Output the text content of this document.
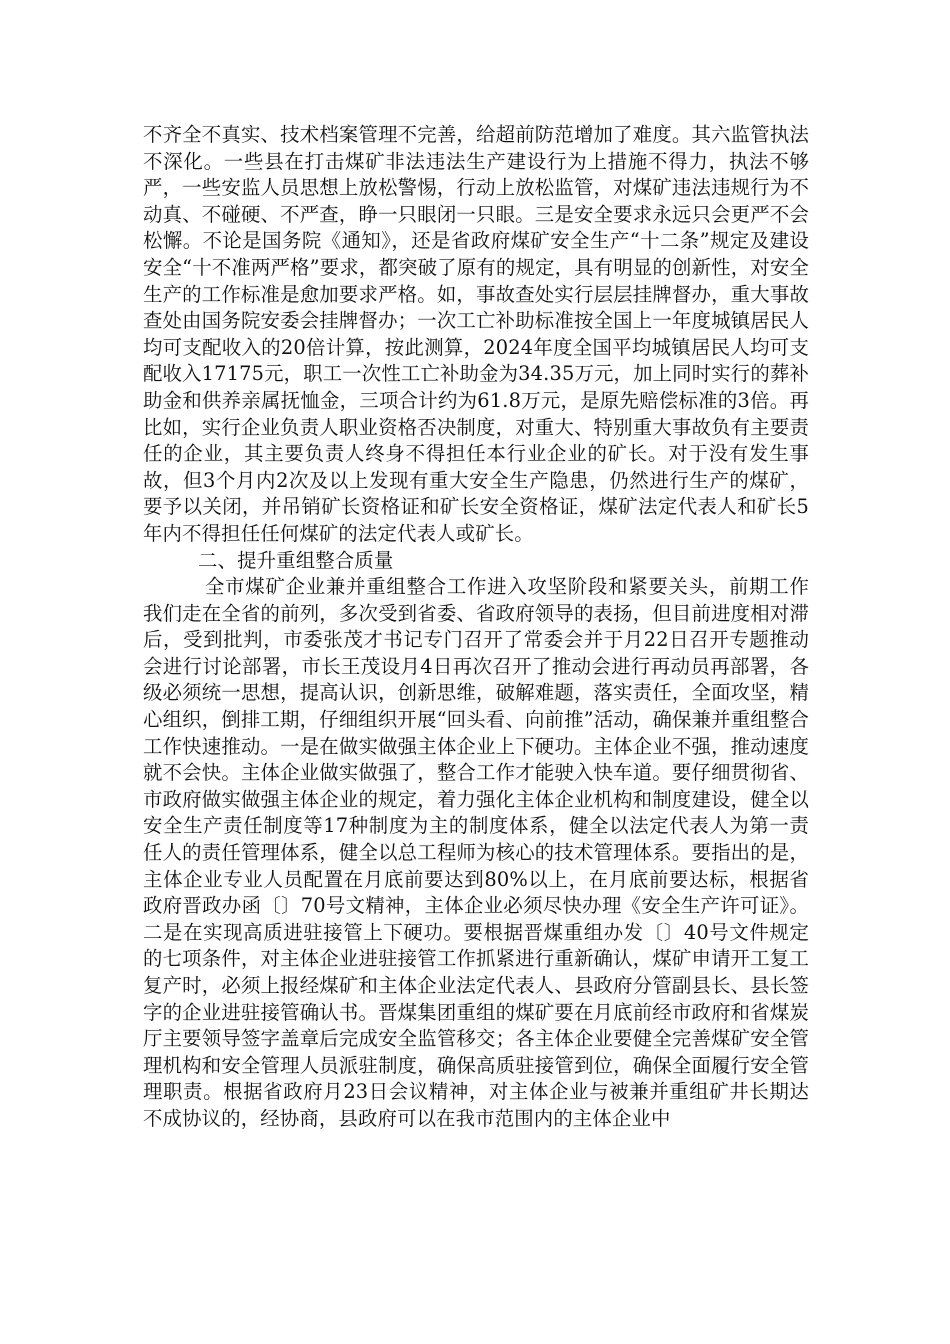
不齐全不真实、技术档案管理不完善，给超前防范增加了难度。其六监管执法不深化。一些县在打击煤矿非法违法生产建设行为上措施不得力，执法不够严，一些安监人员思想上放松警惕，行动上放松监管，对煤矿违法违规行为不动真、不碰硬、不严查，睁一只眼闭一只眼。三是安全要求永远只会更严不会松懈。不论是国务院《通知》，还是省政府煤矿安全生产“十二条”规定及建设安全“十不准两严格”要求，都突破了原有的规定，具有明显的创新性，对安全生产的工作标准是愈加要求严格。如，事故查处实行层层挂牌督办，重大事故查处由国务院安委会挂牌督办；一次工亡补助标准按全国上一年度城镇居民人均可支配收入的20倍计算，按此测算，2024年度全国平均城镇居民人均可支配收入17175元，职工一次性工亡补助金为34.35万元，加上同时实行的葬补助金和供养亲属抚恤金，三项合计约为61.8万元，是原先赔偿标准的3倍。再比如，实行企业负责人职业资格否决制度，对重大、特别重大事故负有主要责任的企业，其主要负责人终身不得担任本行业企业的矿长。对于没有发生事故，但3个月内2次及以上发现有重大安全生产隐患，仍然进行生产的煤矿，要予以关闭，并吊销矿长资格证和矿长安全资格证，煤矿法定代表人和矿长5年内不得担任任何煤矿的法定代表人或矿长。

二、提升重组整合质量

全市煤矿企业兼并重组整合工作进入攻坚阶段和紧要关头，前期工作我们走在全省的前列，多次受到省委、省政府领导的表扬，但目前进度相对滞后，受到批判，市委张茂才书记专门召开了常委会并于月22日召开专题推动会进行讨论部署，市长王茂设月4日再次召开了推动会进行再动员再部署，各级必须统一思想，提高认识，创新思维，破解难题，落实责任，全面攻坚，精心组织，倒排工期，仔细组织开展“回头看、向前推”活动，确保兼并重组整合工作快速推动。一是在做实做强主体企业上下硬功。主体企业不强，推动速度就不会快。主体企业做实做强了，整合工作才能驶入快车道。要仔细贯彻省、市政府做实做强主体企业的规定，着力强化主体企业机构和制度建设，健全以安全生产责任制度等17种制度为主的制度体系，健全以法定代表人为第一责任人的责任管理体系，健全以总工程师为核心的技术管理体系。要指出的是，主体企业专业人员配置在月底前要达到80%以上，在月底前要达标，根据省政府晋政办函〔〕70号文精神，主体企业必须尽快办理《安全生产许可证》。二是在实现高质进驻接管上下硬功。要根据晋煤重组办发〔〕40号文件规定的七项条件，对主体企业进驻接管工作抓紧进行重新确认，煤矿申请开工复工复产时，必须上报经煤矿和主体企业法定代表人、县政府分管副县长、县长签字的企业进驻接管确认书。晋煤集团重组的煤矿要在月底前经市政府和省煤炭厅主要领导签字盖章后完成安全监管移交；各主体企业要健全完善煤矿安全管理机构和安全管理人员派驻制度，确保高质驻接管到位，确保全面履行安全管理职责。根据省政府月23日会议精神，对主体企业与被兼并重组矿井长期达不成协议的，经协商，县政府可以在我市范围内的主体企业中
